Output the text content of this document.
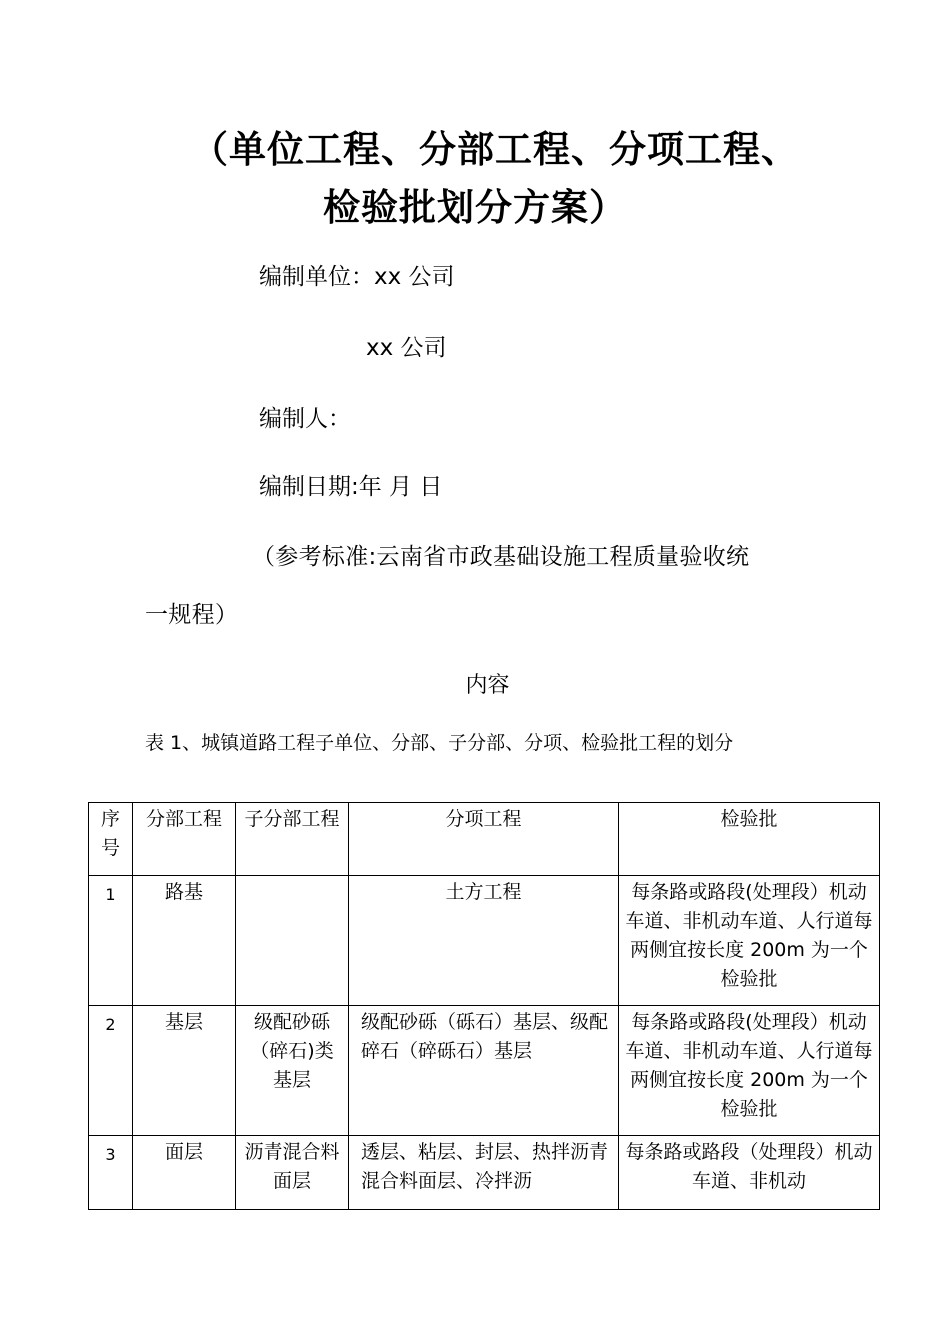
（单位工程、分部工程、分项工程、
检验批划分方案）
编制单位：xx 公司
xx 公司
编制人：
编制日期:年 月 日
（参考标准:云南省市政基础设施工程质量验收统
一规程）
内容
表 1、城镇道路工程子单位、分部、子分部、分项、检验批工程的划分
序号	分部工程	子分部工程	分项工程	检验批
1	路基		土方工程	每条路或路段(处理段）机动车道、非机动车道、人行道每两侧宜按长度 200m 为一个检验批
2	基层	级配砂砾（碎石)类基层	级配砂砾（砾石）基层、级配碎石（碎砾石）基层	每条路或路段(处理段）机动车道、非机动车道、人行道每两侧宜按长度 200m 为一个检验批
3	面层	沥青混合料面层	透层、粘层、封层、热拌沥青混合料面层、冷拌沥	每条路或路段（处理段）机动车道、非机动
